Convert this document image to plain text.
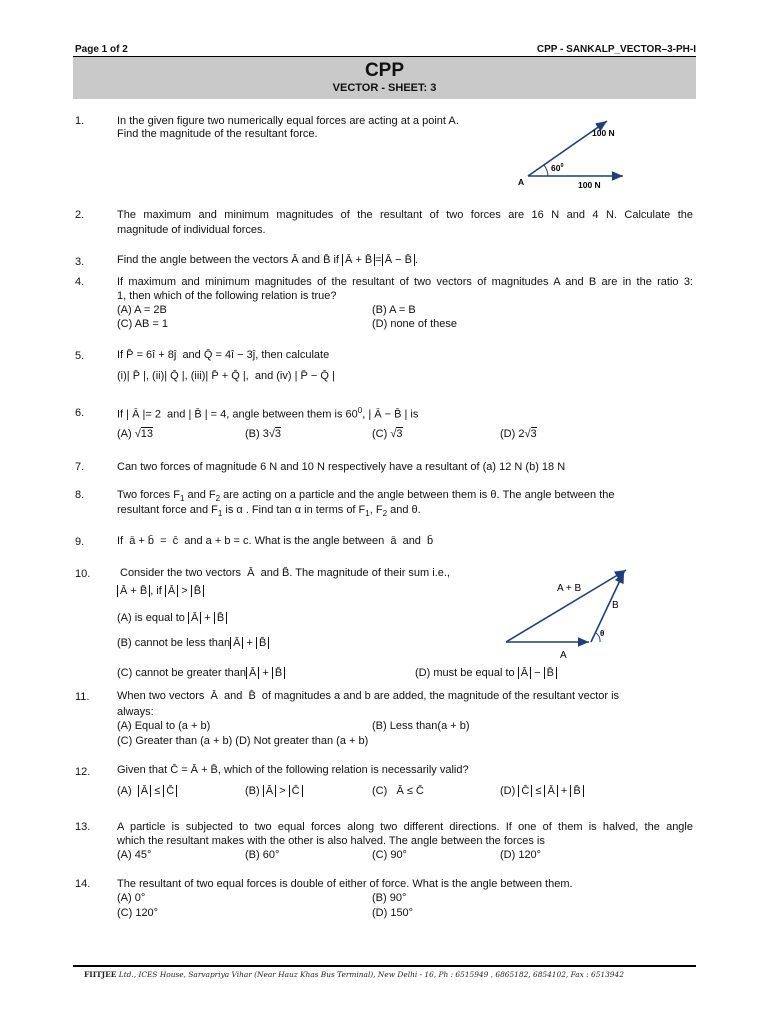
Page 1 of 2	CPP - SANKALP_VECTOR–3-PH-I
CPP
VECTOR - SHEET: 3
1.	In the given figure two numerically equal forces are acting at a point A.
Find the magnitude of the resultant force.	100 N
100 N
$60^0$
A
2.	The maximum and minimum magnitudes of the resultant of two forces are 16 N and 4 N. Calculate the
magnitude of individual forces.
3.	Find the angle between the vectors Ā and B̄ if Ā + B̄ = Ā − B̄ .
4.	If maximum and minimum magnitudes of the resultant of two vectors of magnitudes A and B are in the ratio 3:
1, then which of the following relation is true?
(A) A = 2B	(B) A = B
(C) AB = 1	(D) none of these
5.	If P̄ = 6î + 8ĵ  and Q̄ = 4î − 3ĵ, then calculate
(i)| P̄ |, (ii)| Q̄ |, (iii)| P̄ + Q̄ |,  and (iv) | P̄ − Q̄ |
6.	If | Ā |= 2  and | B̄ | = 4, angle between them is $60^0$, | Ā − B̄ | is
(A) √13	(B) 3√3	(C) √3	(D) 2√3
7.	Can two forces of magnitude 6 N and 10 N respectively have a resultant of (a) 12 N (b) 18 N
8.	Two forces $F_1$ and $F_2$ are acting on a particle and the angle between them is θ. The angle between the
resultant force and $F_1$ is α . Find tan α in terms of $F_1$, $F_2$ and θ.
9.	If  ā + b̄  =  c̄  and a + b = c. What is the angle between  ā  and  b̄
10.	Consider the two vectors  Ā  and B̄. The magnitude of their sum i.e.,
Ā + B̄ , if Ā > B̄
(A) is equal to Ā + B̄
(B) cannot be less than Ā + B̄
(C) cannot be greater than Ā + B̄	(D) must be equal to Ā − B̄
A + B
B
A
θ
11.	When two vectors  Ā  and  B̄  of magnitudes a and b are added, the magnitude of the resultant vector is
always:
(A) Equal to (a + b)	(B) Less than(a + b)
(C) Greater than (a + b) (D) Not greater than (a + b)
12. Given that C̄ = Ā + B̄, which of the following relation is necessarily valid?
(A) Ā ≤ C̄	(B) Ā > C̄	(C)   Ā ≤ C̄	(D) C̄ ≤ Ā + B̄
13. A particle is subjected to two equal forces along two different directions. If one of them is halved, the angle
which the resultant makes with the other is also halved. The angle between the forces is
(A) 45°	(B) 60°	(C) 90°	(D) 120°
14. The resultant of two equal forces is double of either of force. What is the angle between them.
(A) 0°	(B) 90°
(C) 120°	(D) 150°
FIITJEE Ltd., ICES House, Sarvapriya Vihar (Near Hauz Khas Bus Terminal), New Delhi - 16, Ph : 6515949 , 6865182, 6854102, Fax : 6513942
